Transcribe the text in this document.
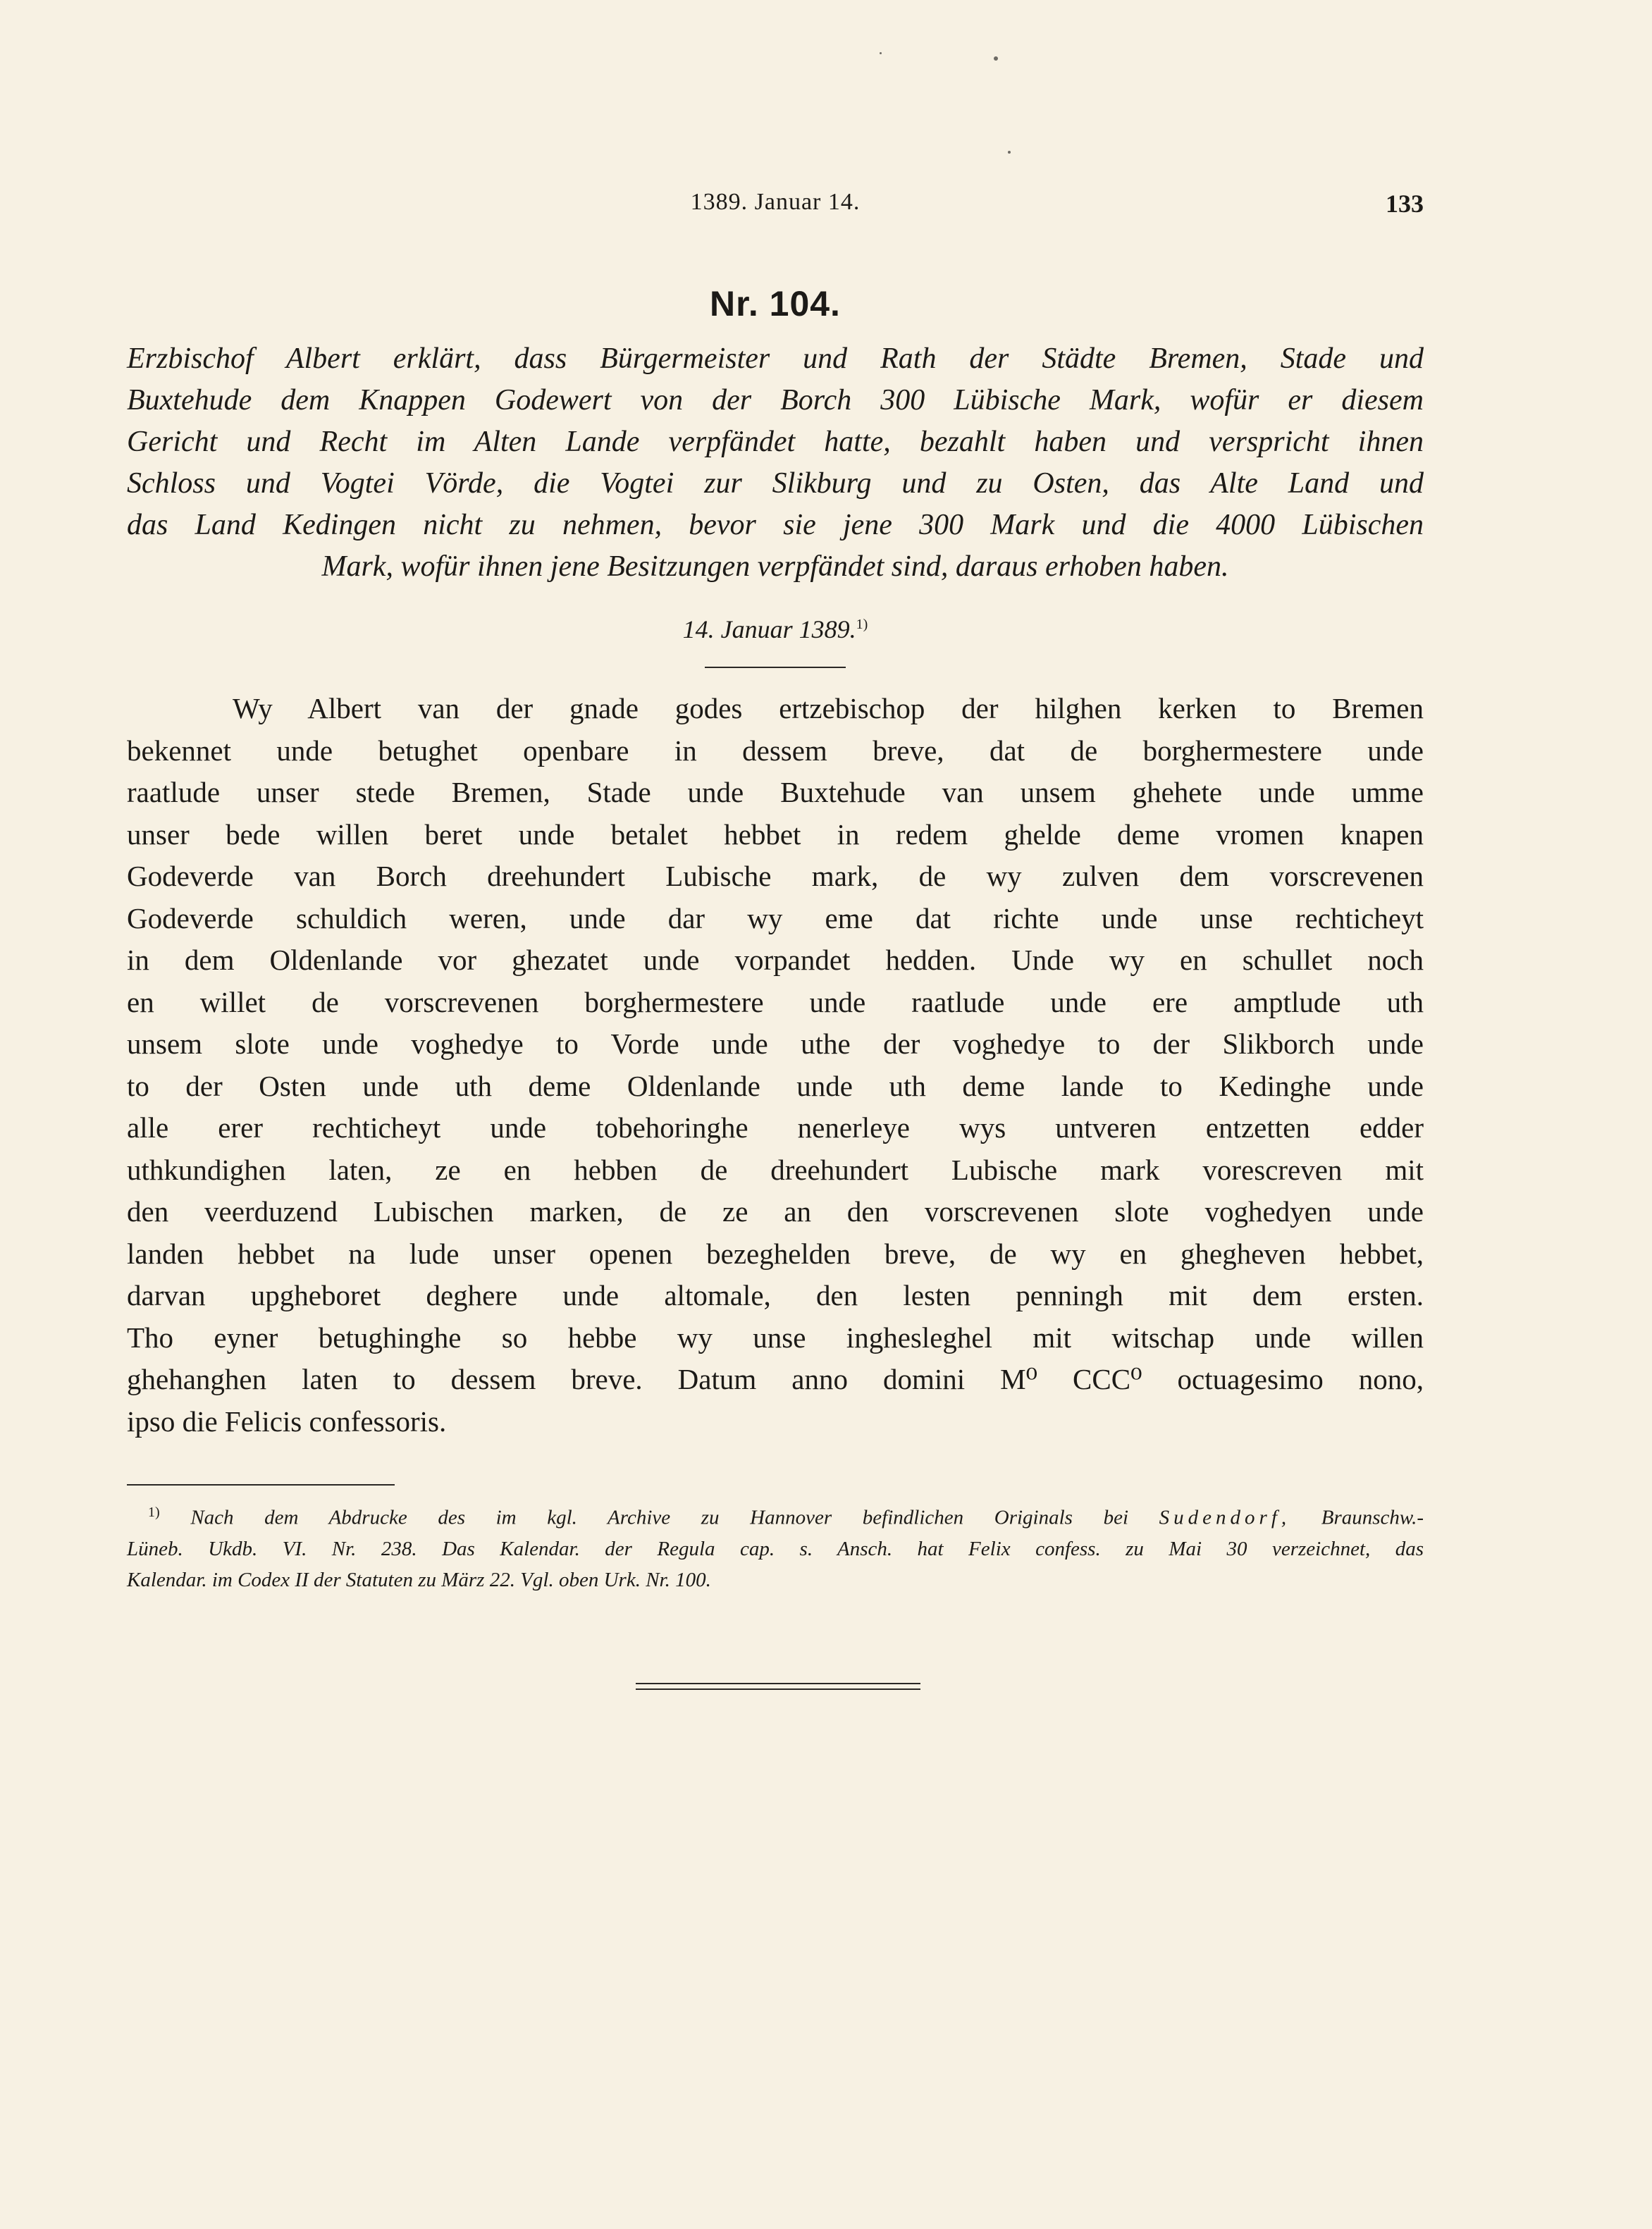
1389. Januar 14.	133
Nr. 104.
Erzbischof Albert erklärt, dass Bürgermeister und Rath der Städte Bremen, Stade und
Buxtehude dem Knappen Godewert von der Borch 300 Lübische Mark, wofür er diesem
Gericht und Recht im Alten Lande verpfändet hatte, bezahlt haben und verspricht ihnen
Schloss und Vogtei Vörde, die Vogtei zur Slikburg und zu Osten, das Alte Land und
das Land Kedingen nicht zu nehmen, bevor sie jene 300 Mark und die 4000 Lübischen
Mark, wofür ihnen jene Besitzungen verpfändet sind, daraus erhoben haben.
14. Januar 1389.$^{1)}$
Wy Albert van der gnade godes ertzebischop der hilghen kerken to Bremen
bekennet unde betughet openbare in dessem breve, dat de borghermestere unde
raatlude unser stede Bremen, Stade unde Buxtehude van unsem ghehete unde umme
unser bede willen beret unde betalet hebbet in redem ghelde deme vromen knapen
Godeverde van Borch dreehundert Lubische mark, de wy zulven dem vorscrevenen
Godeverde schuldich weren, unde dar wy eme dat richte unde unse rechticheyt
in dem Oldenlande vor ghezatet unde vorpandet hedden. Unde wy en schullet noch
en willet de vorscrevenen borghermestere unde raatlude unde ere amptlude uth
unsem slote unde voghedye to Vorde unde uthe der voghedye to der Slikborch unde
to der Osten unde uth deme Oldenlande unde uth deme lande to Kedinghe unde
alle erer rechticheyt unde tobehoringhe nenerleye wys untveren entzetten edder
uthkundighen laten, ze en hebben de dreehundert Lubische mark vorescreven mit
den veerduzend Lubischen marken, de ze an den vorscrevenen slote voghedyen unde
landen hebbet na lude unser openen bezeghelden breve, de wy en ghegheven hebbet,
darvan upgheboret deghere unde altomale, den lesten penningh mit dem ersten.
Tho eyner betughinghe so hebbe wy unse inghesleghel mit witschap unde willen
ghehanghen laten to dessem breve. Datum anno domini M⁰ CCC⁰ octuagesimo nono,
ipso die Felicis confessoris.
$^{1)}$ Nach dem Abdrucke des im kgl. Archive zu Hannover befindlichen Originals bei Sudendorf, Braunschw.-
Lüneb. Ukdb. VI. Nr. 238. Das Kalendar. der Regula cap. s. Ansch. hat Felix confess. zu Mai 30 verzeichnet, das
Kalendar. im Codex II der Statuten zu März 22. Vgl. oben Urk. Nr. 100.
